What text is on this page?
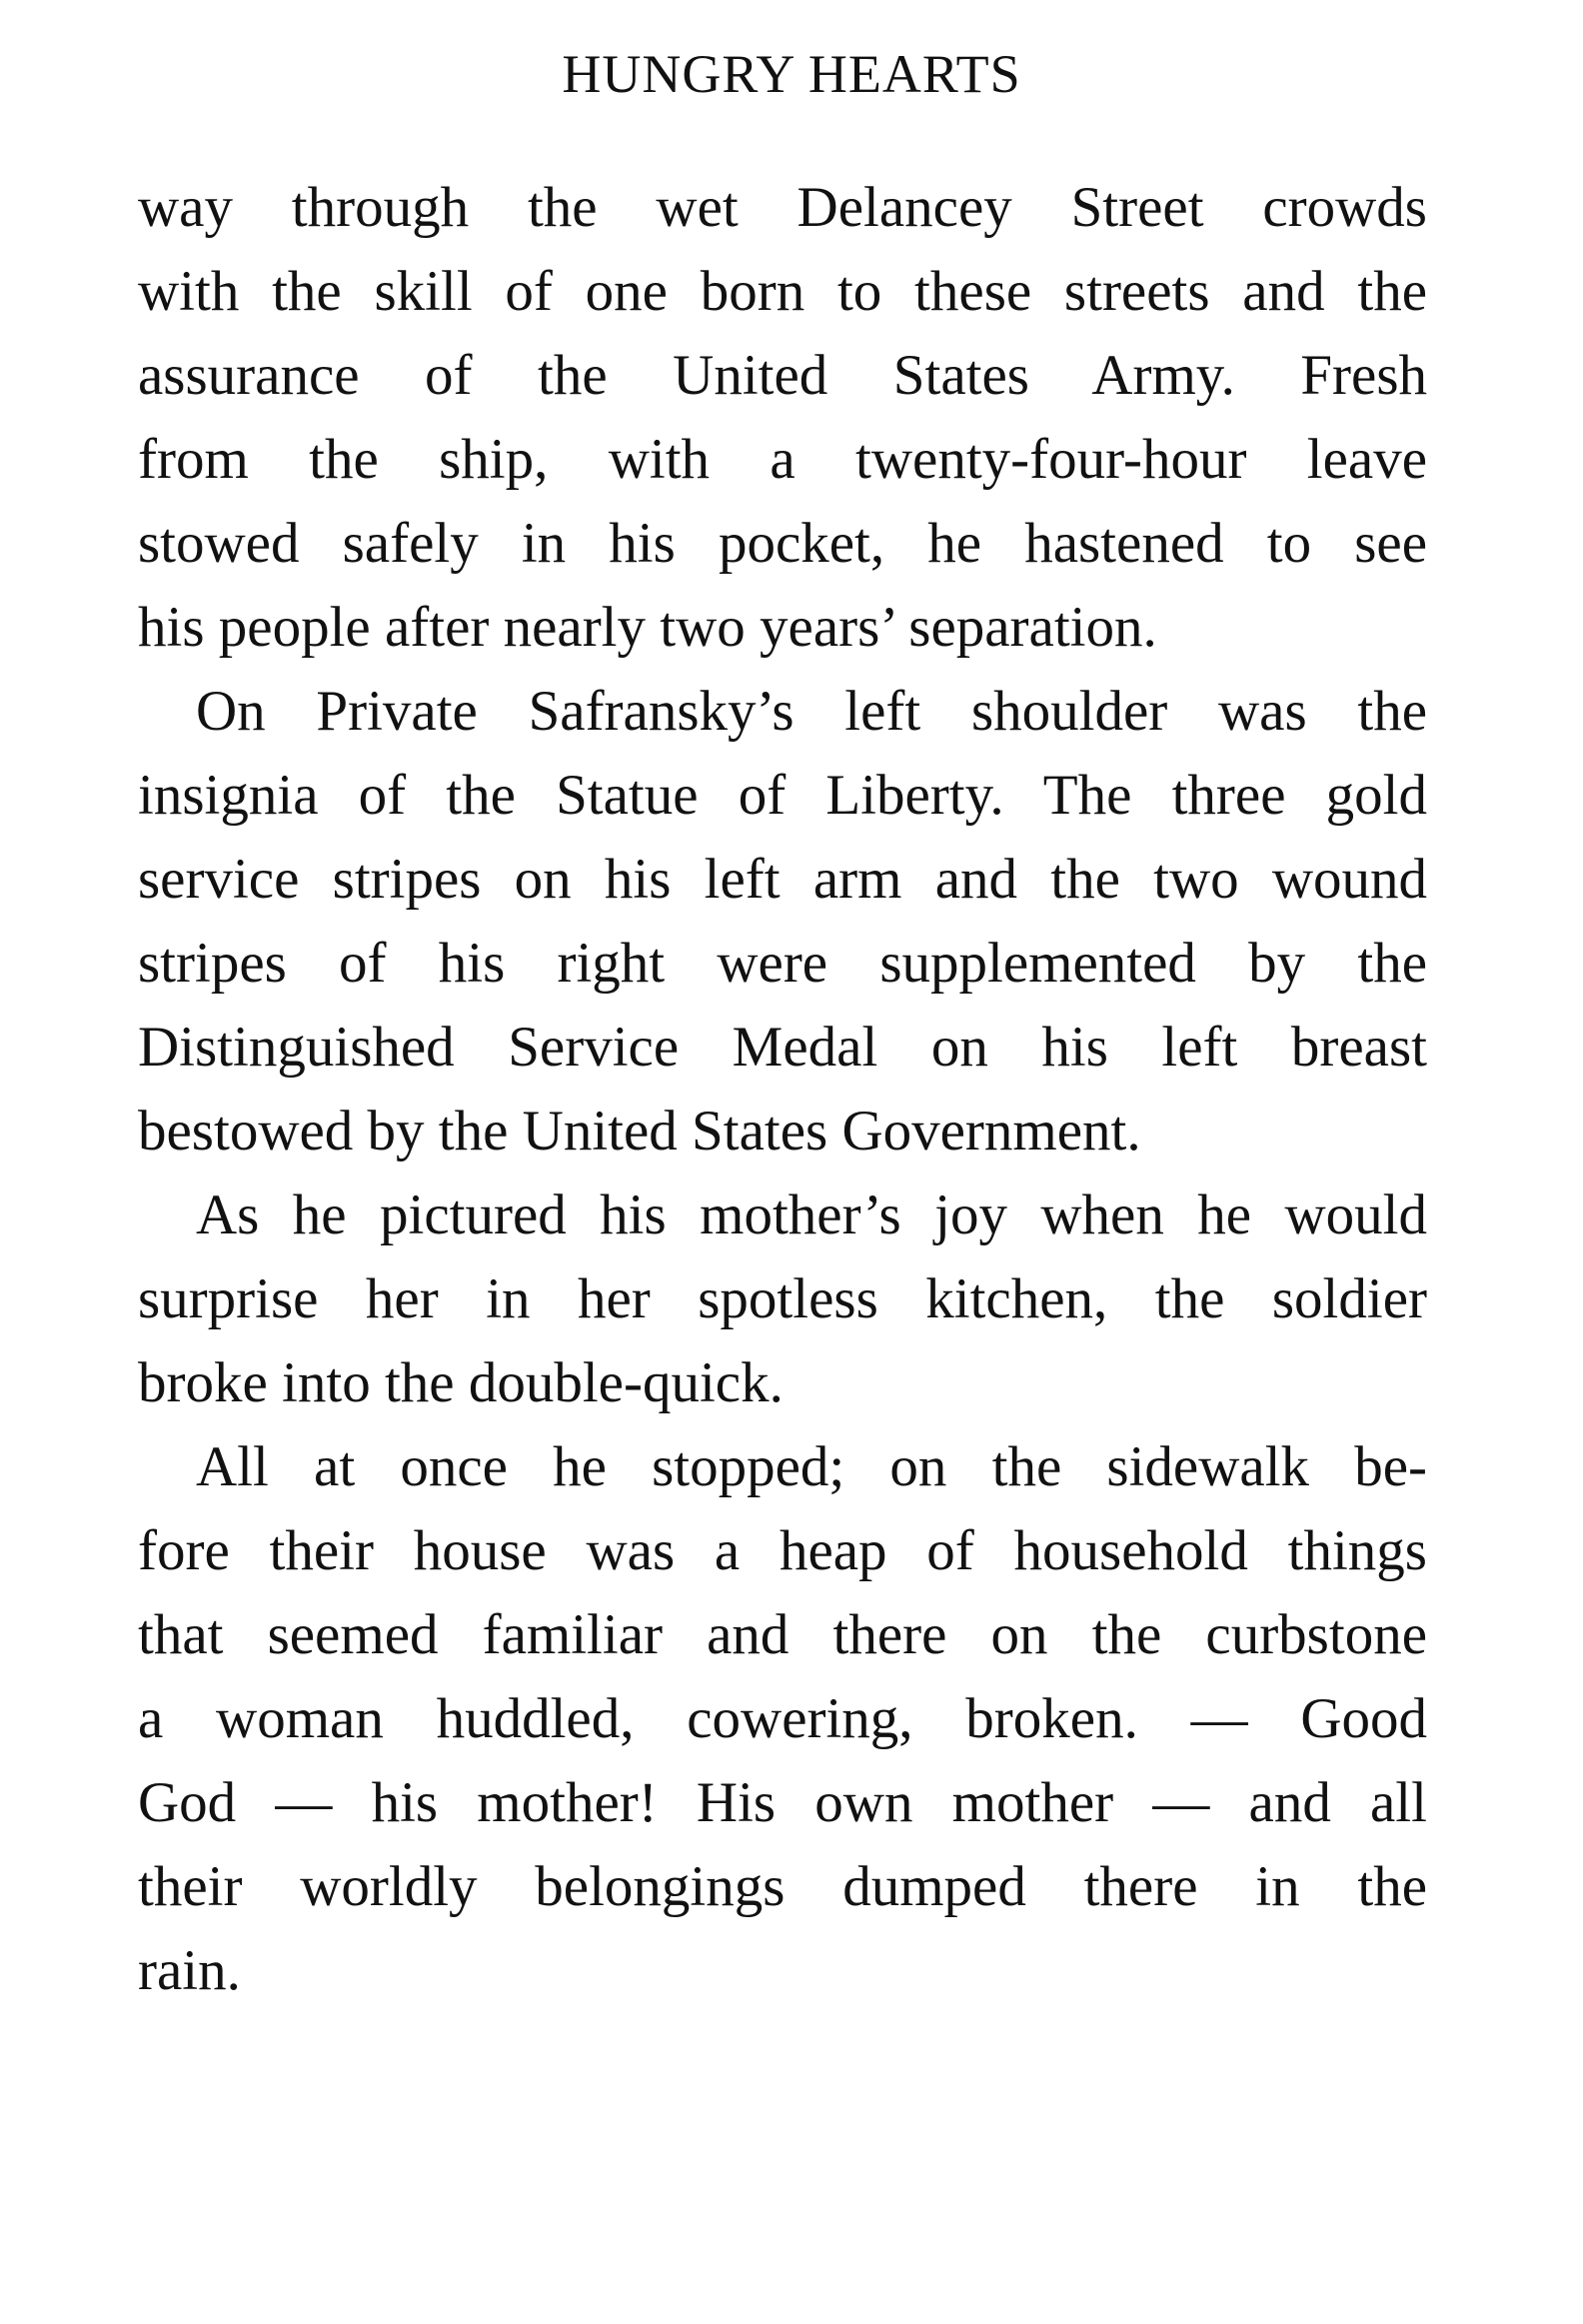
HUNGRY HEARTS
way through the wet Delancey Street crowds
with the skill of one born to these streets and the
assurance of the United States Army. Fresh
from the ship, with a twenty-four-hour leave
stowed safely in his pocket, he hastened to see
his people after nearly two years’ separation.
On Private Safransky’s left shoulder was the
insignia of the Statue of Liberty. The three gold
service stripes on his left arm and the two wound
stripes of his right were supplemented by the
Distinguished Service Medal on his left breast
bestowed by the United States Government.
As he pictured his mother’s joy when he would
surprise her in her spotless kitchen, the soldier
broke into the double-quick.
All at once he stopped; on the sidewalk be-
fore their house was a heap of household things
that seemed familiar and there on the curbstone
a woman huddled, cowering, broken. — Good
God — his mother! His own mother — and all
their worldly belongings dumped there in the
rain.
